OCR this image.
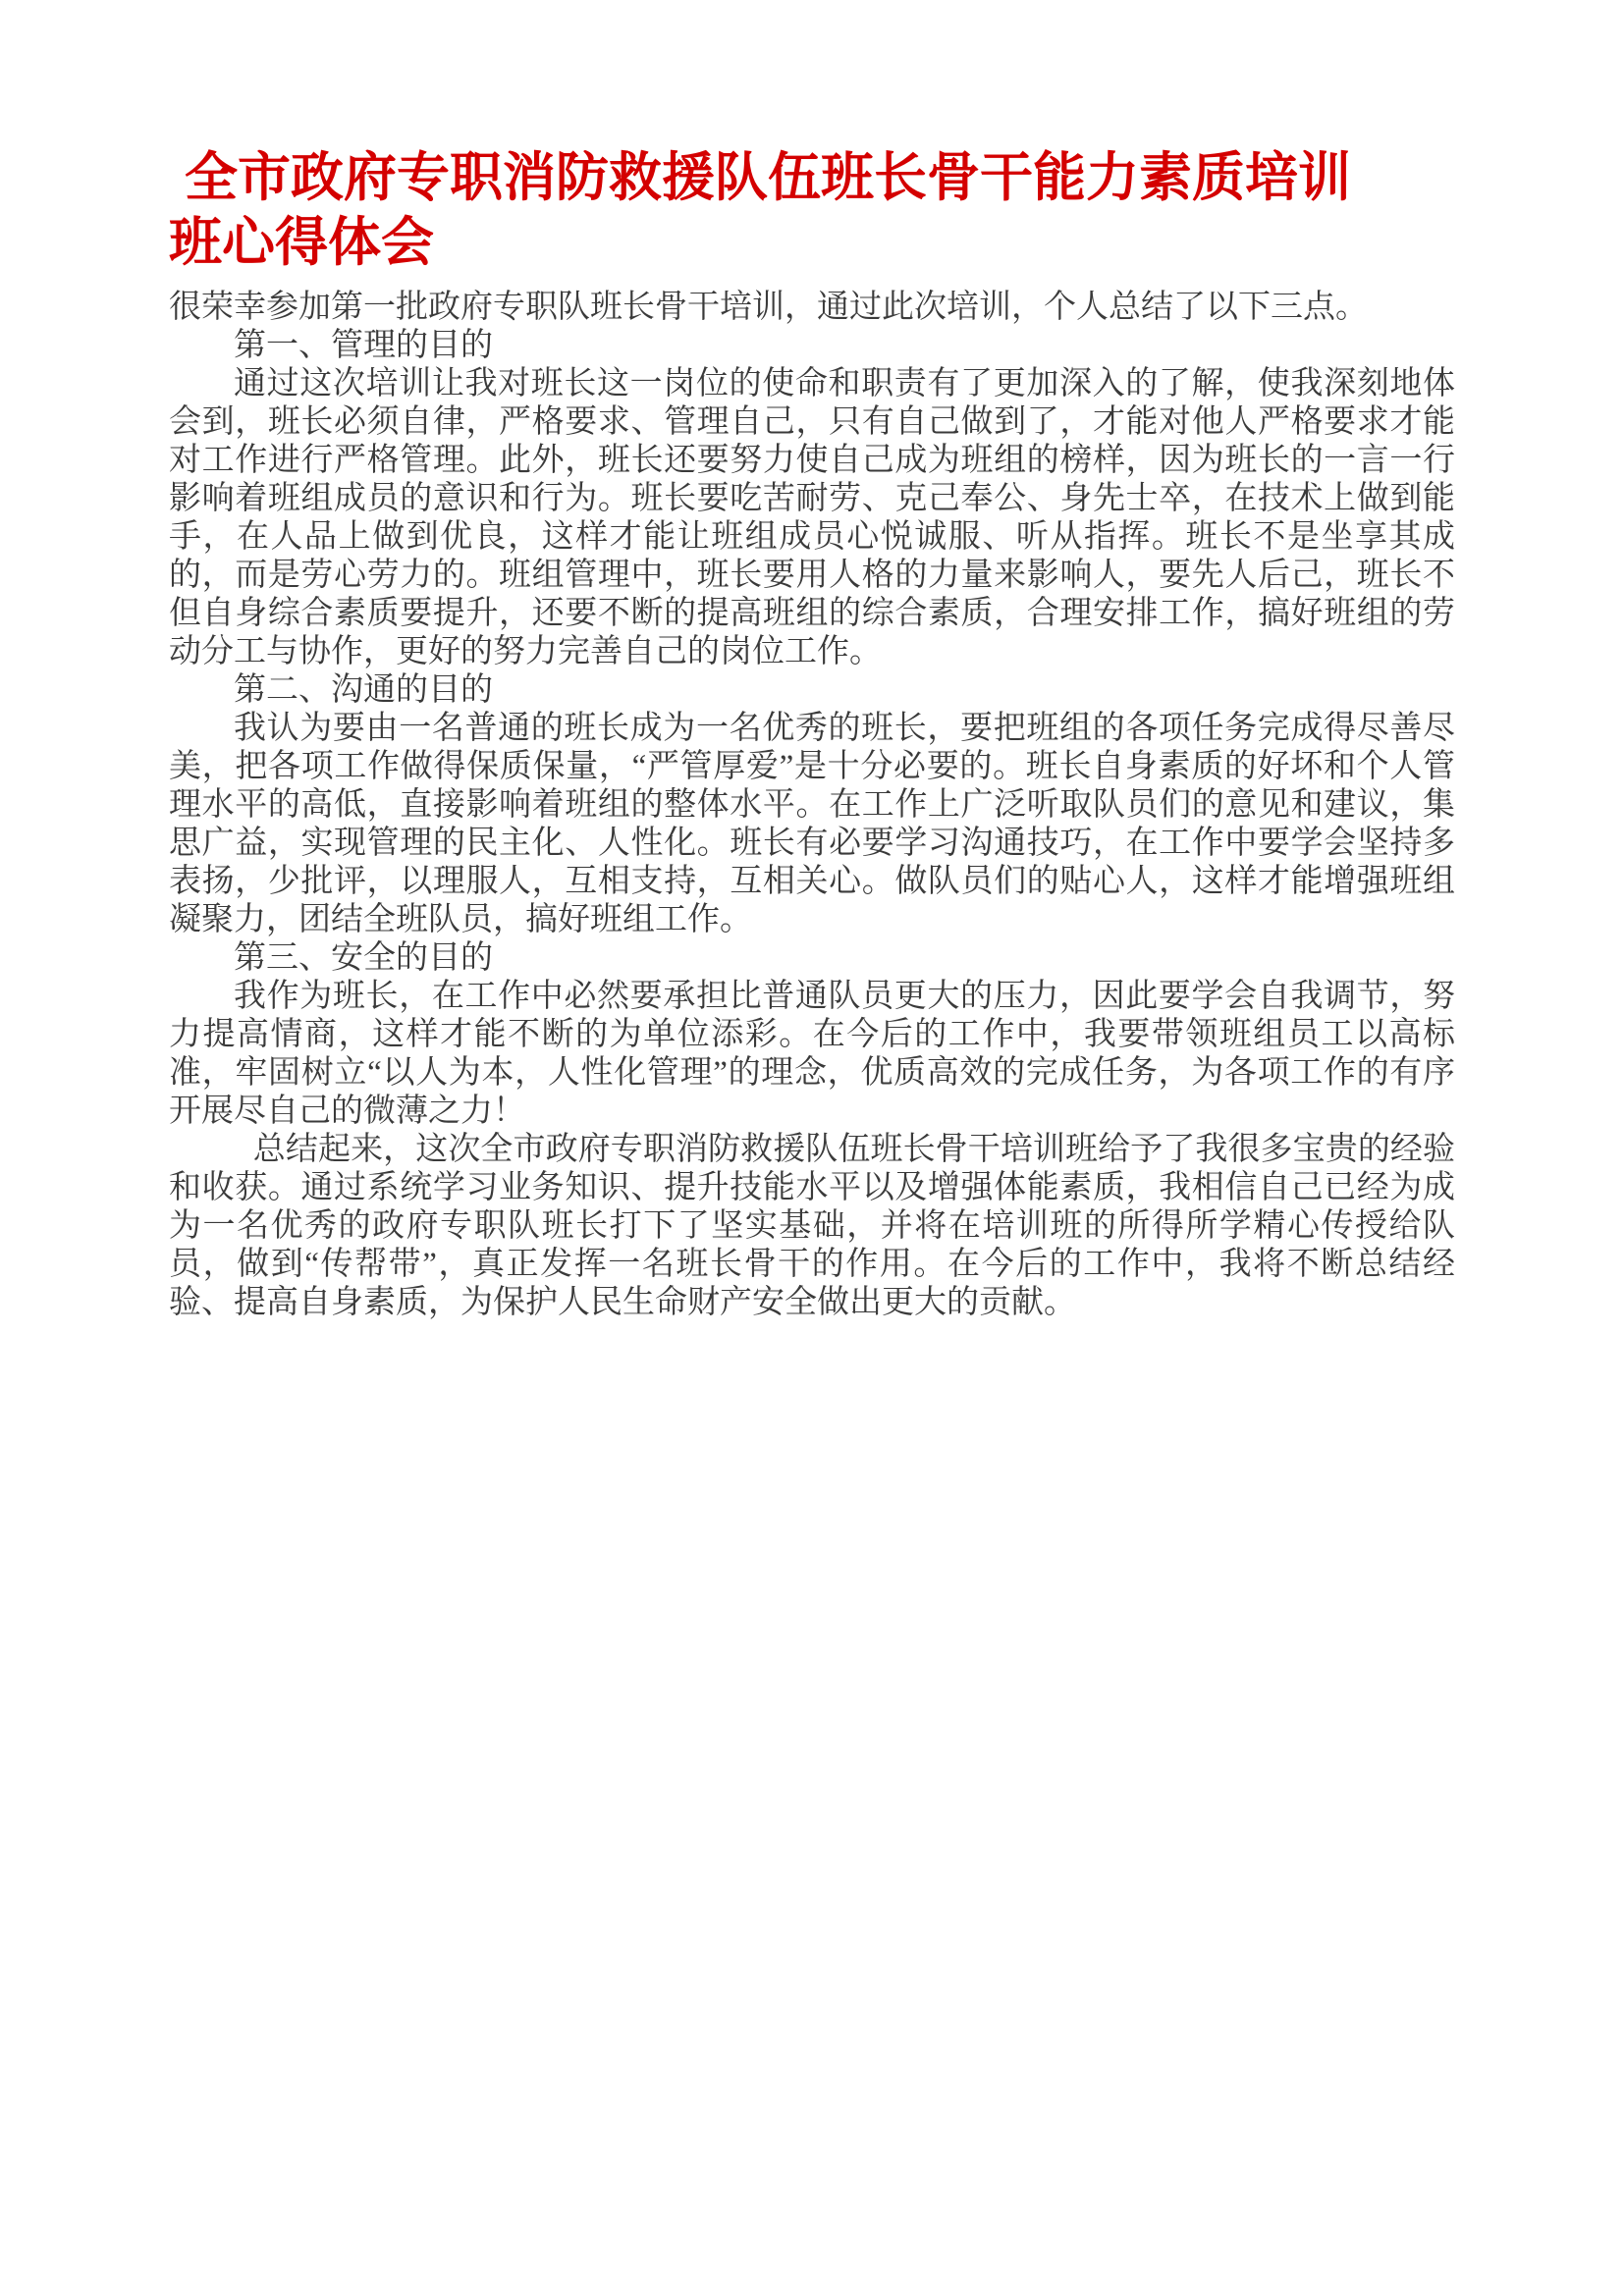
全市政府专职消防救援队伍班长骨干能力素质培训
班心得体会

很荣幸参加第一批政府专职队班长骨干培训，通过此次培训，个人总结了以下三点。

第一、管理的目的

通过这次培训让我对班长这一岗位的使命和职责有了更加深入的了解，使我深刻地体会到，班长必须自律，严格要求、管理自己，只有自己做到了，才能对他人严格要求才能对工作进行严格管理。此外，班长还要努力使自己成为班组的榜样，因为班长的一言一行影响着班组成员的意识和行为。班长要吃苦耐劳、克己奉公、身先士卒，在技术上做到能手，在人品上做到优良，这样才能让班组成员心悦诚服、听从指挥。班长不是坐享其成的，而是劳心劳力的。班组管理中，班长要用人格的力量来影响人，要先人后己，班长不但自身综合素质要提升，还要不断的提高班组的综合素质，合理安排工作，搞好班组的劳动分工与协作，更好的努力完善自己的岗位工作。

第二、沟通的目的

我认为要由一名普通的班长成为一名优秀的班长，要把班组的各项任务完成得尽善尽美，把各项工作做得保质保量，“严管厚爱”是十分必要的。班长自身素质的好坏和个人管理水平的高低，直接影响着班组的整体水平。在工作上广泛听取队员们的意见和建议，集思广益，实现管理的民主化、人性化。班长有必要学习沟通技巧，在工作中要学会坚持多表扬，少批评，以理服人，互相支持，互相关心。做队员们的贴心人，这样才能增强班组凝聚力，团结全班队员，搞好班组工作。

第三、安全的目的

我作为班长，在工作中必然要承担比普通队员更大的压力，因此要学会自我调节，努力提高情商，这样才能不断的为单位添彩。在今后的工作中，我要带领班组员工以高标准，牢固树立“以人为本，人性化管理”的理念，优质高效的完成任务，为各项工作的有序开展尽自己的微薄之力！

总结起来，这次全市政府专职消防救援队伍班长骨干培训班给予了我很多宝贵的经验和收获。通过系统学习业务知识、提升技能水平以及增强体能素质，我相信自己已经为成为一名优秀的政府专职队班长打下了坚实基础，并将在培训班的所得所学精心传授给队员，做到“传帮带”，真正发挥一名班长骨干的作用。在今后的工作中，我将不断总结经验、提高自身素质，为保护人民生命财产安全做出更大的贡献。
